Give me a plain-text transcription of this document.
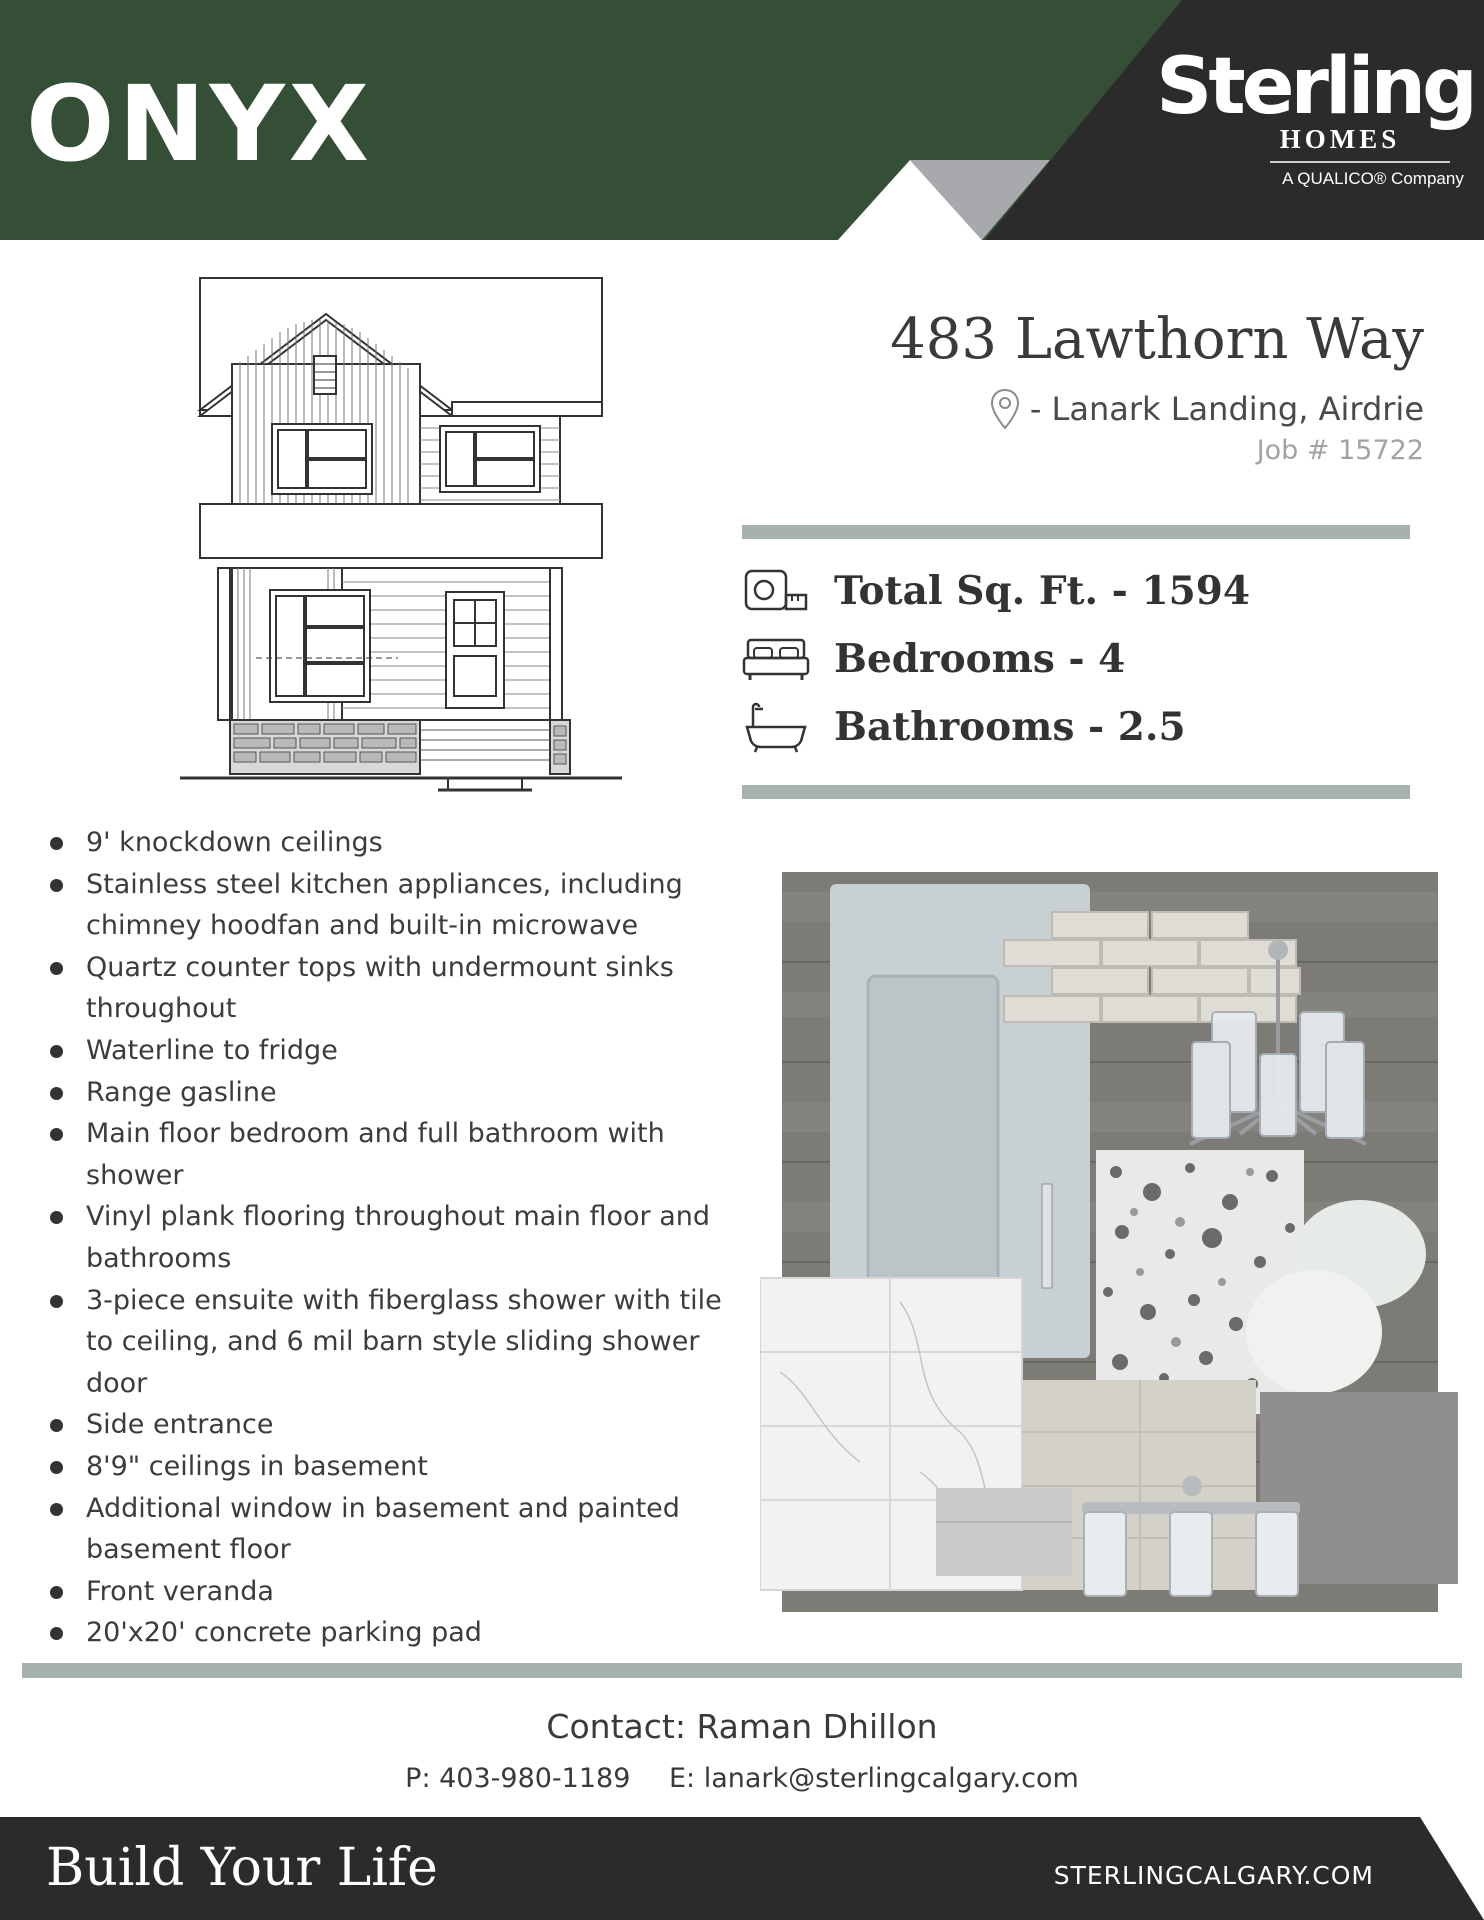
ONYX	Sterling
HOMES
A QUALICO® Company
483 Lawthorn Way
- Lanark Landing, Airdrie
Job # 15722
Total Sq. Ft. - 1594
Bedrooms - 4
Bathrooms - 2.5
9' knockdown ceilings
Stainless steel kitchen appliances, including chimney hoodfan and built-in microwave
Quartz counter tops with undermount sinks throughout
Waterline to fridge
Range gasline
Main floor bedroom and full bathroom with shower
Vinyl plank flooring throughout main floor and bathrooms
3-piece ensuite with fiberglass shower with tile to ceiling, and 6 mil barn style sliding shower door
Side entrance
8'9" ceilings in basement
Additional window in basement and painted basement floor
Front veranda
20'x20' concrete parking pad
Contact: Raman Dhillon
P: 403-980-1189 E: lanark@sterlingcalgary.com
Build Your Life	STERLINGCALGARY.COM
